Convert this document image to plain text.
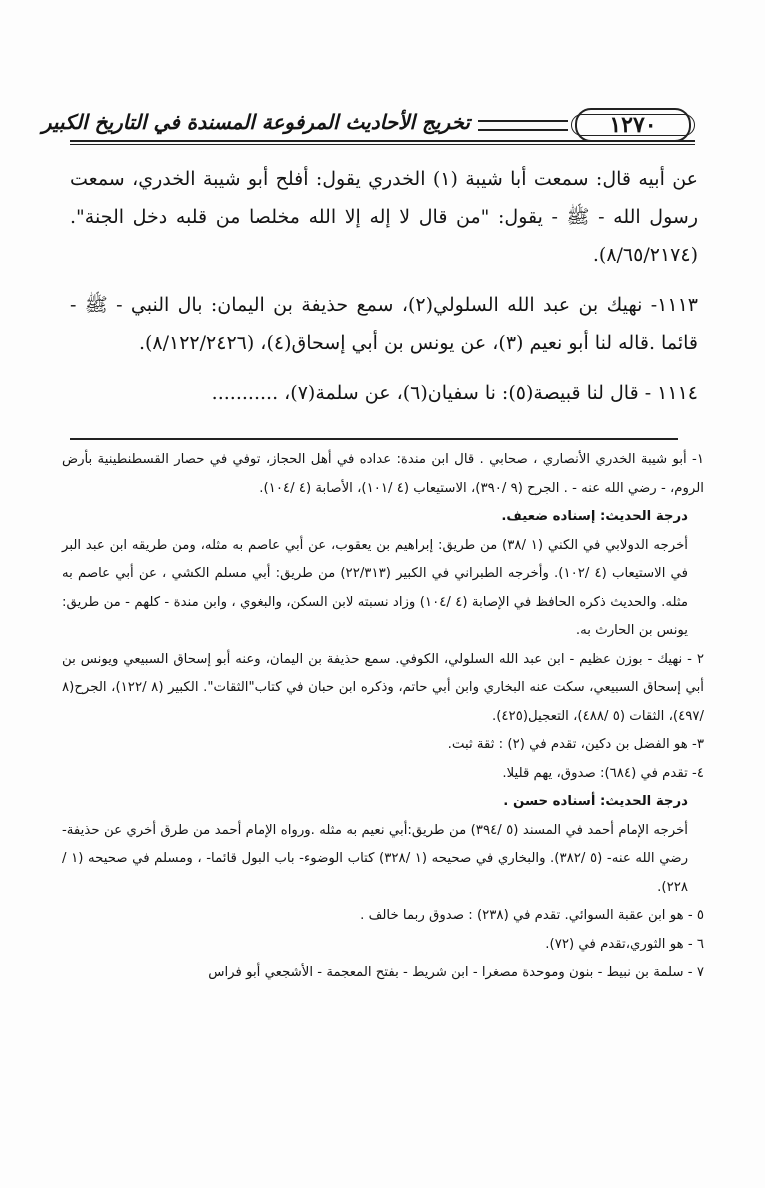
تخريج الأحاديث المرفوعة المسندة في التاريخ الكبير	١٢٧٠

عن أبيه قال: سمعت أبا شيبة (١) الخدري يقول: أفلح أبو شيبة الخدري، سمعت رسول الله - ﷺ - يقول: "من قال لا إله إلا الله مخلصا من قلبه دخل الجنة". (٨/٦٥/٢١٧٤).

١١١٣- نهيك بن عبد الله السلولي(٢)، سمع حذيفة بن اليمان: بال النبي - ﷺ - قائما .قاله لنا أبو نعيم (٣)، عن يونس بن أبي إسحاق(٤)، (٨/١٢٢/٢٤٢٦).

١١١٤ - قال لنا قبيصة(٥): نا سفيان(٦)، عن سلمة(٧)، ...........

١- أبو شيبة الخدري الأنصاري ، صحابي . قال ابن مندة: عداده في أهل الحجاز، توفي في حصار القسطنطينية بأرض الروم، - رضي الله عنه - . الجرح (٩ /٣٩٠)، الاستيعاب (٤ /١٠١)، الأصابة (٤ /١٠٤).

درجة الحديث: إسناده ضعيف.

أخرجه الدولابي في الكني (١ /٣٨) من طريق: إبراهيم بن يعقوب، عن أبي عاصم به مثله، ومن طريقه ابن عبد البر في الاستيعاب (٤ /١٠٢). وأخرجه الطبراني في الكبير (٢٢/٣١٣) من طريق: أبي مسلم الكشي ، عن أبي عاصم به مثله. والحديث ذكره الحافظ في الإصابة (٤ /١٠٤) وزاد نسبته لابن السكن، والبغوي ، وابن مندة - كلهم - من طريق: يونس بن الحارث به.

٢ - نهيك - بوزن عظيم - ابن عبد الله السلولي، الكوفي. سمع حذيفة بن اليمان، وعنه أبو إسحاق السبيعي ويونس بن أبي إسحاق السبيعي، سكت عنه البخاري وابن أبي حاتم، وذكره ابن حبان في كتاب"الثقات". الكبير (٨ /١٢٢)، الجرح(٨ /٤٩٧)، الثقات (٥ /٤٨٨)، التعجيل(٤٢٥).

٣- هو الفضل بن دكين، تقدم في (٢) : ثقة ثبت.

٤- تقدم في (٦٨٤): صدوق، يهم قليلا.

درجة الحديث: أسناده حسن .

أخرجه الإمام أحمد في المسند (٥ /٣٩٤) من طريق:أبي نعيم به مثله .ورواه الإمام أحمد من طرق أخري عن حذيفة- رضي الله عنه- (٥ /٣٨٢). والبخاري في صحيحه (١ /٣٢٨) كتاب الوضوء- باب البول قائما- ، ومسلم في صحيحه (١ /٢٢٨).

٥ - هو ابن عقبة السوائي. تقدم في (٢٣٨) : صدوق ربما خالف .

٦ - هو الثوري،تقدم في (٧٢).

٧ - سلمة بن نبيط - بنون وموحدة مصغرا - ابن شريط - بفتح المعجمة - الأشجعي أبو فراس
